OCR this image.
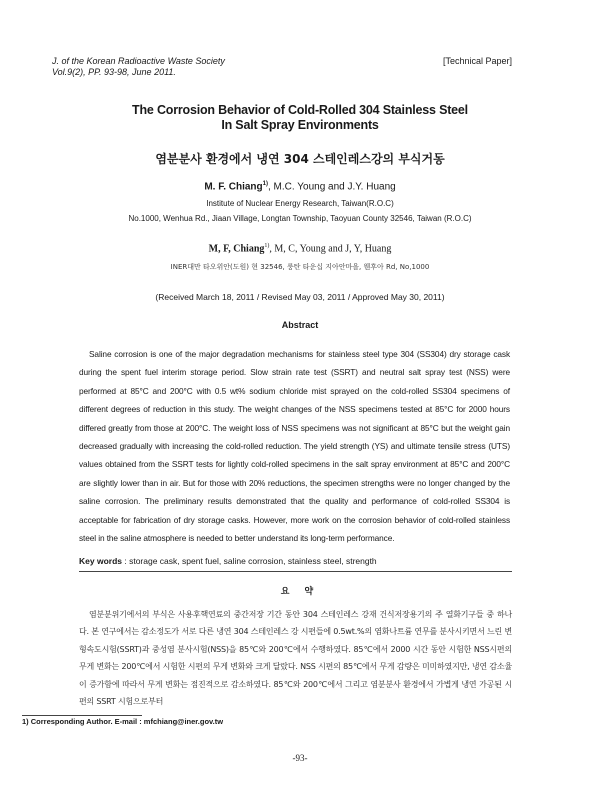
J. of the Korean Radioactive Waste Society
Vol.9(2), PP. 93-98, June 2011.
[Technical Paper]
The Corrosion Behavior of Cold-Rolled 304 Stainless Steel
In Salt Spray Environments
염분분사 환경에서 냉연 304 스테인레스강의 부식거동
M. F. Chiang$^{1)}$, M.C. Young and J.Y. Huang
Institute of Nuclear Energy Research, Taiwan(R.O.C)
No.1000, Wenhua Rd., Jiaan Village, Longtan Township, Taoyuan County 32546, Taiwan (R.O.C)
M, F, Chiang$^{1)}$, M, C, Young and J, Y, Huang
INER대만 타오위안(도원) 현 32546, 룽탄 타운십 지아안마을, 웬후아 Rd, No,1000
(Received March 18, 2011 / Revised May 03, 2011 / Approved May 30, 2011)
Abstract
Saline corrosion is one of the major degradation mechanisms for stainless steel type 304 (SS304) dry storage cask during the spent fuel interim storage period. Slow strain rate test (SSRT) and neutral salt spray test (NSS) were performed at 85°C and 200°C with 0.5 wt% sodium chloride mist sprayed on the cold-rolled SS304 specimens of different degrees of reduction in this study. The weight changes of the NSS specimens tested at 85°C for 2000 hours differed greatly from those at 200°C. The weight loss of NSS specimens was not significant at 85°C but the weight gain decreased gradually with increasing the cold-rolled reduction. The yield strength (YS) and ultimate tensile stress (UTS) values obtained from the SSRT tests for lightly cold-rolled specimens in the salt spray environment at 85°C and 200°C are slightly lower than in air. But for those with 20% reductions, the specimen strengths were no longer changed by the saline corrosion. The preliminary results demonstrated that the quality and performance of cold-rolled SS304 is acceptable for fabrication of dry storage casks. However, more work on the corrosion behavior of cold-rolled stainless steel in the saline atmosphere is needed to better understand its long-term performance.
Key words : storage cask, spent fuel, saline corrosion, stainless steel, strength
요 약
염분분위기에서의 부식은 사용후핵연료의 중간저장 기간 동안 304 스테인레스 강재 건식저장용기의 주 열화기구들 중 하나다. 본 연구에서는 감소정도가 서로 다른 냉연 304 스테인레스 강 시편들에 0.5wt.%의 염화나트륨 연무를 분사시키면서 느린 변형속도시험(SSRT)과 중성염 분사시험(NSS)을 85℃와 200℃에서 수행하였다. 85℃에서 2000 시간 동안 시험한 NSS시편의 무게 변화는 200℃에서 시험한 시편의 무게 변화와 크게 달랐다. NSS 시편의 85℃에서 무게 감량은 미미하였지만, 냉연 감소율이 증가함에 따라서 무게 변화는 점진적으로 감소하였다. 85℃와 200℃에서 그리고 염분분사 환경에서 가볍게 냉연 가공된 시편의 SSRT 시험으로부터
1) Corresponding Author. E-mail : mfchiang@iner.gov.tw
-93-
